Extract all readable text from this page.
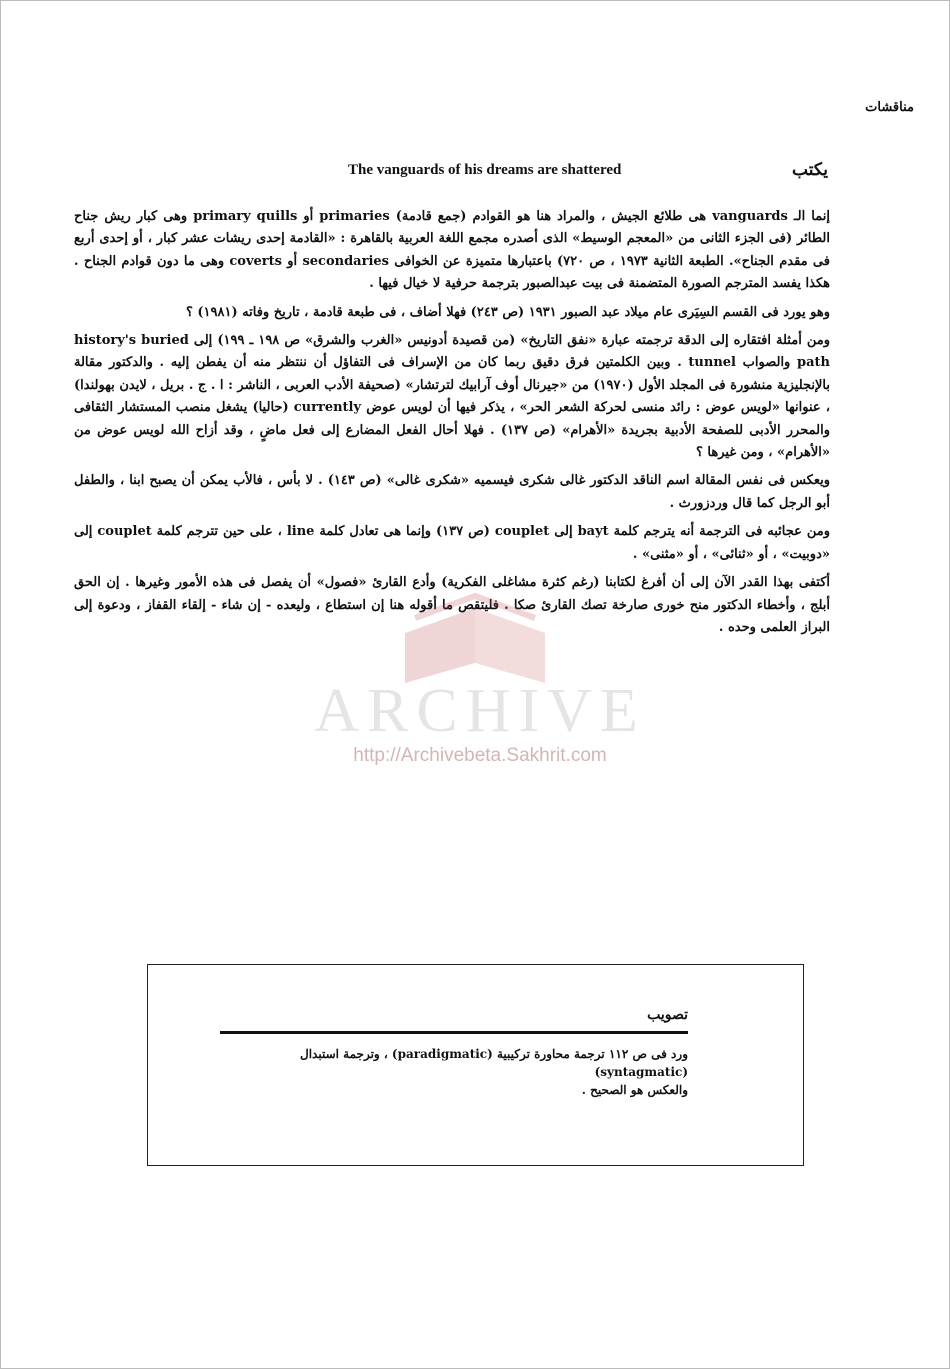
مناقشات
يكتب
The vanguards of his dreams are shattered

إنما الـ vanguards هى طلائع الجيش ، والمراد هنا هو القوادم (جمع قادمة) primaries أو primary quills وهى كبار ريش جناح الطائر (فى الجزء الثانى من «المعجم الوسيط» الذى أصدره مجمع اللغة العربية بالقاهرة : «القادمة إحدى ريشات عشر كبار ، أو إحدى أربع فى مقدم الجناح». الطبعة الثانية ١٩٧٣ ، ص ٧٢٠) باعتبارها متميزة عن الخوافى secondaries أو coverts وهى ما دون قوادم الجناح . هكذا يفسد المترجم الصورة المتضمنة فى بيت عبدالصبور بترجمة حرفية لا خيال فيها .

وهو يورد فى القسم السِيَرى عام ميلاد عبد الصبور ١٩٣١ (ص ٢٤٣) فهلا أضاف ، فى طبعة قادمة ، تاريخ وفاته (١٩٨١) ؟

ومن أمثلة افتقاره إلى الدقة ترجمته عبارة «نفق التاريخ» (من قصيدة أدونيس «الغرب والشرق» ص ١٩٨ ـ ١٩٩) إلى history's buried path والصواب tunnel . وبين الكلمتين فرق دقيق ربما كان من الإسراف فى التفاؤل أن ننتظر منه أن يفطن إليه . والدكتور مقالة بالإنجليزية منشورة فى المجلد الأول (١٩٧٠) من «جيرنال أوف آرابيك لترتشار» (صحيفة الأدب العربى ، الناشر : ا . ج . بريل ، لايدن بهولندا) ، عنوانها «لويس عوض : رائد منسى لحركة الشعر الحر» ، يذكر فيها أن لويس عوض currently (حاليا) يشغل منصب المستشار الثقافى والمحرر الأدبى للصفحة الأدبية بجريدة «الأهرام» (ص ١٣٧) . فهلا أحال الفعل المضارع إلى فعل ماضٍ ، وقد أزاح الله لويس عوض من «الأهرام» ، ومن غيرها ؟

ويعكس فى نفس المقالة اسم الناقد الدكتور غالى شكرى فيسميه «شكرى غالى» (ص ١٤٣) . لا بأس ، فالأب يمكن أن يصبح ابنا ، والطفل أبو الرجل كما قال وردزورث .

ومن عجائبه فى الترجمة أنه يترجم كلمة bayt إلى couplet (ص ١٣٧) وإنما هى تعادل كلمة line ، على حين تترجم كلمة couplet إلى «دوبيت» ، أو «ثنائى» ، أو «مثنى» .

أكتفى بهذا القدر الآن إلى أن أفرغ لكتابنا (رغم كثرة مشاغلى الفكرية) وأدع القارئ «فصول» أن يفصل فى هذه الأمور وغيرها . إن الحق أبلج ، وأخطاء الدكتور منح خورى صارخة تصك القارئ صكا . فليتقص ما أقوله هنا إن استطاع ، وليعده - إن شاء - إلقاء القفاز ، ودعوة إلى البراز العلمى وحده .

ARCHIVE
http://Archivebeta.Sakhrit.com
تصويب

ورد فى ص ١١٢ ترجمة محاورة تركيبية (paradigmatic) ، وترجمة استبدال (syntagmatic)

والعكس هو الصحيح .
